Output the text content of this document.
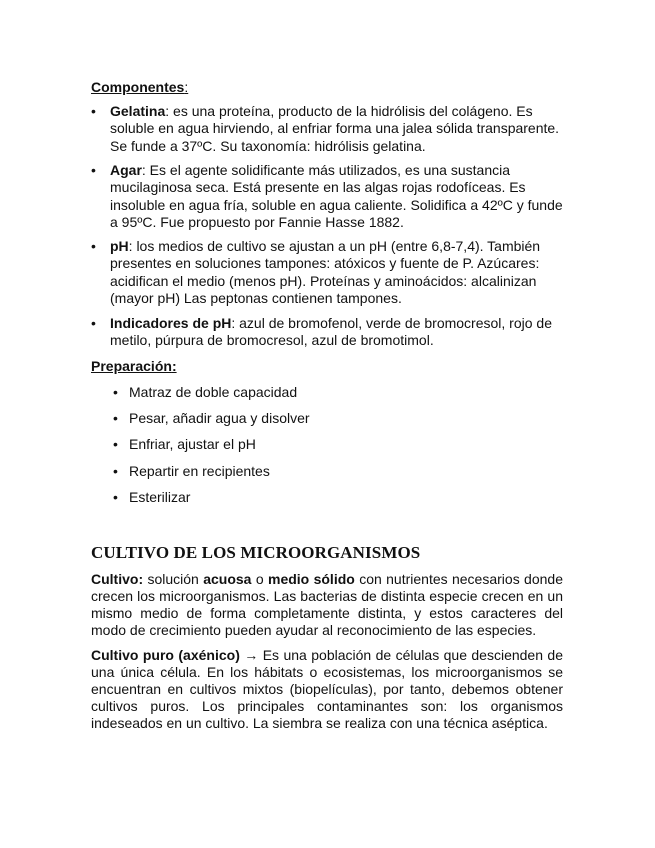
Componentes:
•	Gelatina: es una proteína, producto de la hidrólisis del colágeno. Es soluble en agua hirviendo, al enfriar forma una jalea sólida transparente. Se funde a 37ºC. Su taxonomía: hidrólisis gelatina.
•	Agar: Es el agente solidificante más utilizados, es una sustancia mucilaginosa seca. Está presente en las algas rojas rodofíceas. Es insoluble en agua fría, soluble en agua caliente. Solidifica a 42ºC y funde a 95ºC. Fue propuesto por Fannie Hasse 1882.
•	pH: los medios de cultivo se ajustan a un pH (entre 6,8-7,4). También presentes en soluciones tampones: atóxicos y fuente de P. Azúcares: acidifican el medio (menos pH). Proteínas y aminoácidos: alcalinizan (mayor pH) Las peptonas contienen tampones.
•	Indicadores de pH: azul de bromofenol, verde de bromocresol, rojo de metilo, púrpura de bromocresol, azul de bromotimol.
Preparación:
• Matraz de doble capacidad
• Pesar, añadir agua y disolver
• Enfriar, ajustar el pH
• Repartir en recipientes
• Esterilizar
CULTIVO DE LOS MICROORGANISMOS

Cultivo: solución acuosa o medio sólido con nutrientes necesarios donde crecen los microorganismos. Las bacterias de distinta especie crecen en un mismo medio de forma completamente distinta, y estos caracteres del modo de crecimiento pueden ayudar al reconocimiento de las especies.

Cultivo puro (axénico) → Es una población de células que descienden de una única célula. En los hábitats o ecosistemas, los microorganismos se encuentran en cultivos mixtos (biopelículas), por tanto, debemos obtener cultivos puros. Los principales contaminantes son: los organismos indeseados en un cultivo. La siembra se realiza con una técnica aséptica.
